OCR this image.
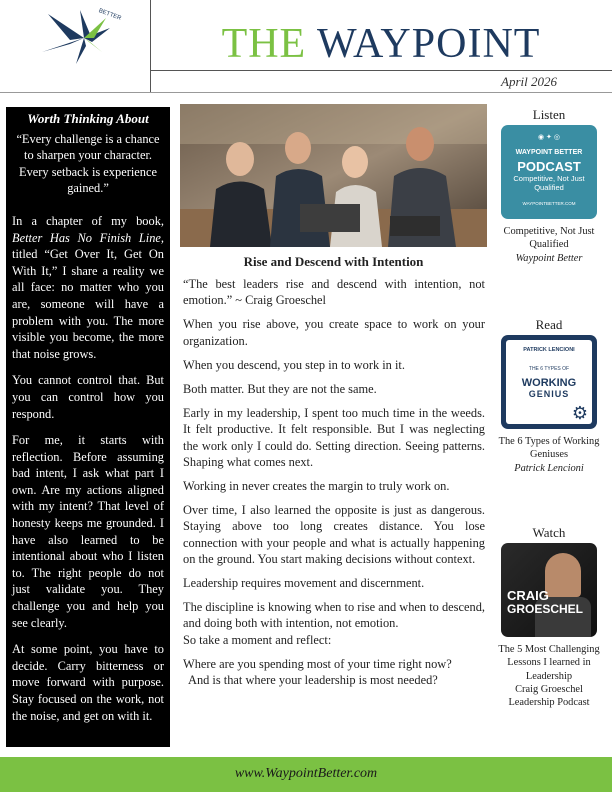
BETTER
THE WAYPOINT
April 2026
Worth Thinking About
“Every challenge is a chance to sharpen your character. Every setback is experience gained.”

In a chapter of my book, Better Has No Finish Line, titled “Get Over It, Get On With It,” I share a reality we all face: no matter who you are, someone will have a problem with you. The more visible you become, the more that noise grows.

You cannot control that. But you can control how you respond.

For me, it starts with reflection. Before assuming bad intent, I ask what part I own. Are my actions aligned with my intent? That level of honesty keeps me grounded. I have also learned to be intentional about who I listen to. The right people do not just validate you. They challenge you and help you see clearly.

At some point, you have to decide. Carry bitterness or move forward with purpose. Stay focused on the work, not the noise, and get on with it.

Rise and Descend with Intention

“The best leaders rise and descend with intention, not emotion.” ~ Craig Groeschel

When you rise above, you create space to work on your organization.

When you descend, you step in to work in it.

Both matter. But they are not the same.

Early in my leadership, I spent too much time in the weeds. It felt productive. It felt responsible. But I was neglecting the work only I could do. Setting direction. Seeing patterns. Shaping what comes next.

Working in never creates the margin to truly work on.

Over time, I also learned the opposite is just as dangerous. Staying above too long creates distance. You lose connection with your people and what is actually happening on the ground. You start making decisions without context.

Leadership requires movement and discernment.

The discipline is knowing when to rise and when to descend, and doing both with intention, not emotion.

So take a moment and reflect:

Where are you spending most of your time right now?

And is that where your leadership is most needed?

Listen
◉ ✦ ◎
WAYPOINT BETTER
PODCAST
Competitive, Not Just Qualified
WAYPOINTBETTER.COM
Competitive, Not Just Qualified
Waypoint Better
Read
PATRICK LENCIONI
THE 6 TYPES OF
WORKING
GENIUS
⚙
The 6 Types of Working Geniuses
Patrick Lencioni
Watch
CRAIG
GROESCHEL
The 5 Most Challenging Lessons I learned in Leadership
Craig Groeschel
Leadership Podcast
www.WaypointBetter.com
